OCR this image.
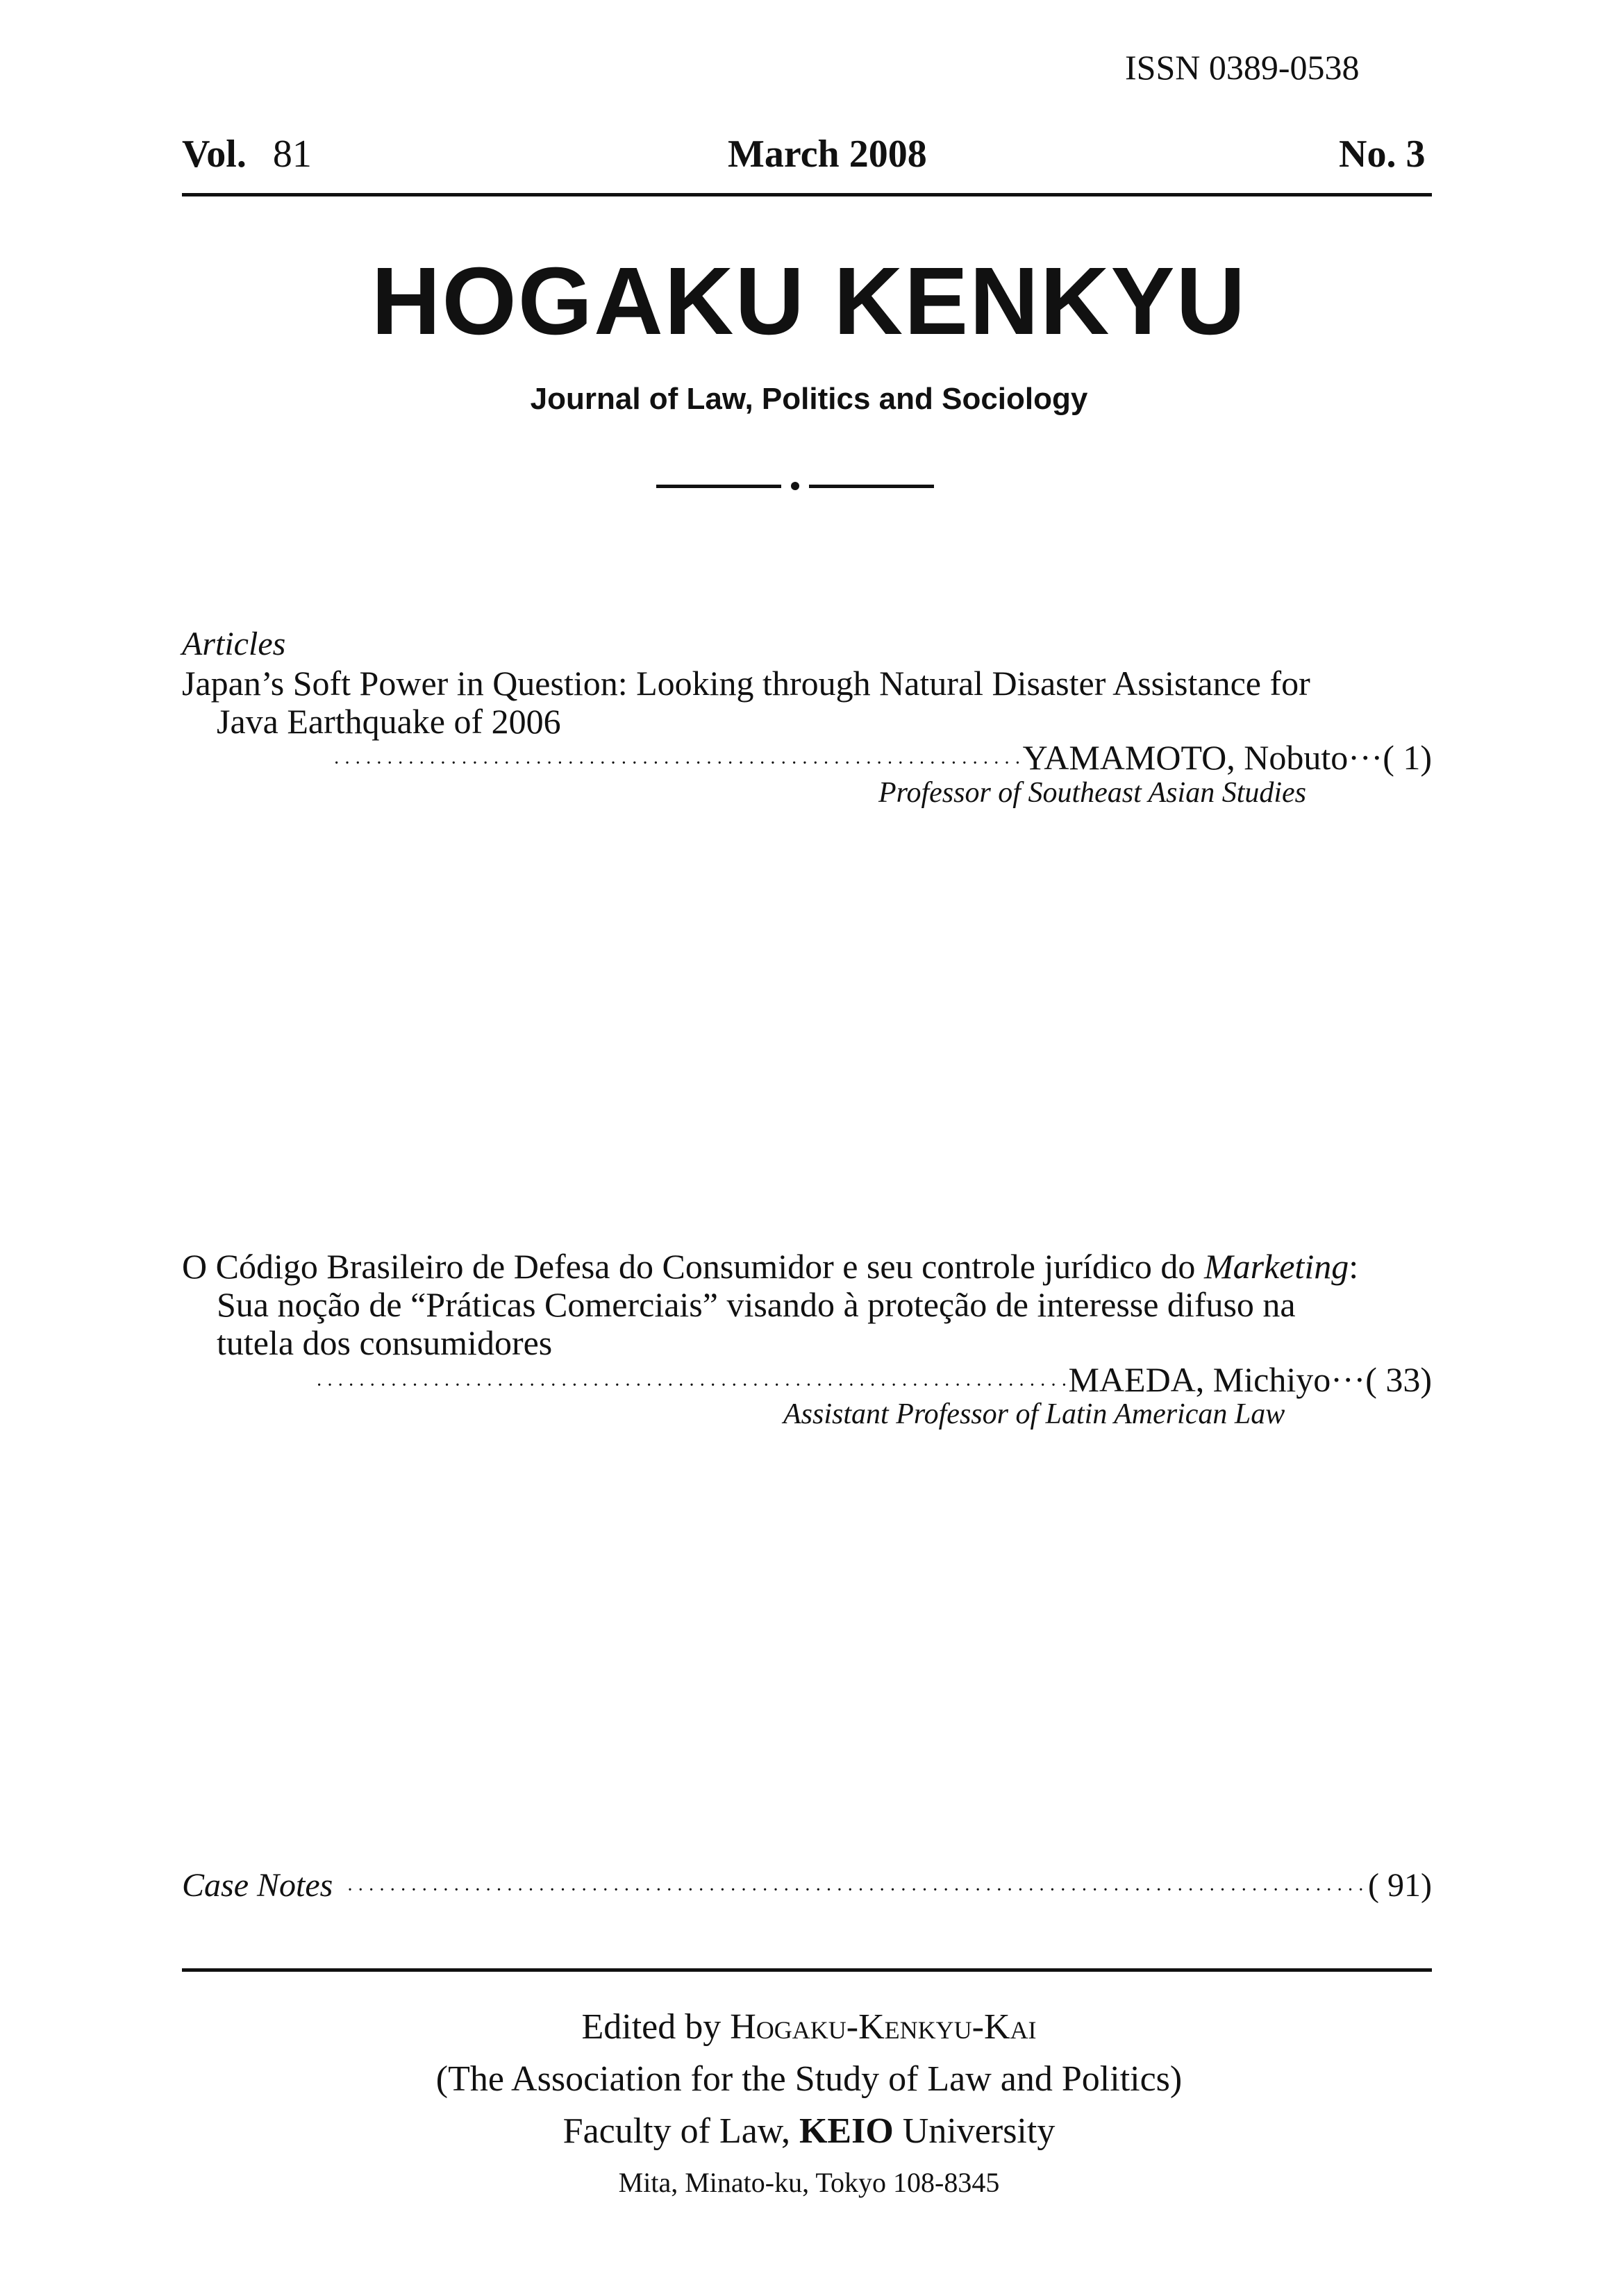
ISSN 0389-0538
Vol. 81	March 2008	No. 3
HOGAKU KENKYU
Journal of Law, Politics and Sociology
Articles
Japan’s Soft Power in Question: Looking through Natural Disaster Assistance for
Java Earthquake of 2006
·····
YAMAMOTO, Nobuto ··· ( 1)
Professor of Southeast Asian Studies
O Código Brasileiro de Defesa do Consumidor e seu controle jurídico do Marketing:
Sua noção de “Práticas Comerciais” visando à proteção de interesse difuso na
tutela dos consumidores
·····
MAEDA, Michiyo ··· ( 33)
Assistant Professor of Latin American Law
Case Notes
·····	( 91)
Edited by Hogaku-Kenkyu-Kai
(The Association for the Study of Law and Politics)
Faculty of Law, KEIO University
Mita, Minato-ku, Tokyo 108-8345
